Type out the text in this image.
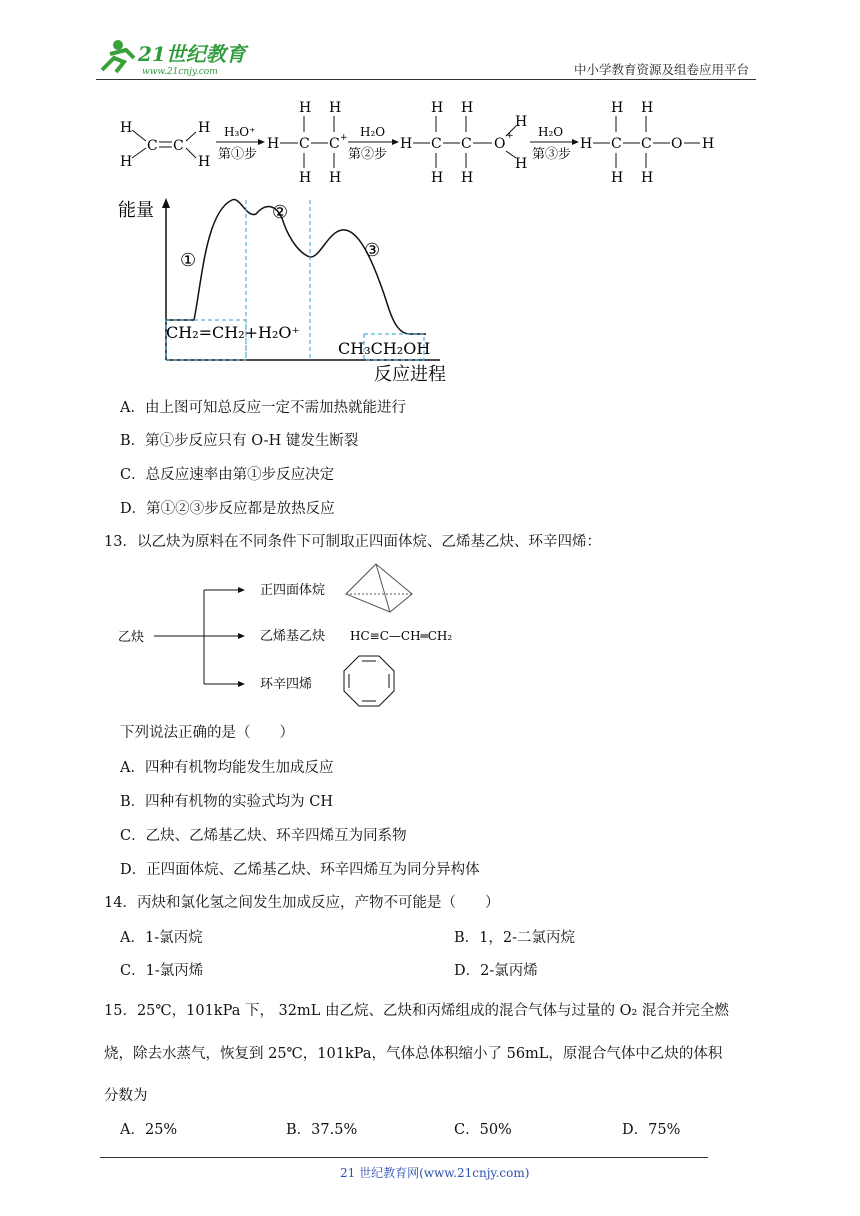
21世纪教育
www.21cnjy.com	中小学教育资源及组卷应用平台
H
H
C C
H
H
H₃O⁺
第①步
H C
H
H
C +
H
H
H₂O
第②步
H C
H
H
C
H
H
O +
H
H
H₂O
第③步
H C
H
H
C
H
H
O H
能量
反应进程
①
②
③
CH₂=CH₂+H₂O⁺
CH₃CH₂OH
A．由上图可知总反应一定不需加热就能进行
B．第①步反应只有 O-H 键发生断裂
C．总反应速率由第①步反应决定
D．第①②③步反应都是放热反应
13．以乙炔为原料在不同条件下可制取正四面体烷、乙烯基乙炔、环辛四烯：
乙炔
正四面体烷
乙烯基乙炔
环辛四烯
HC≡C—CH═CH₂
下列说法正确的是（　　）
A．四种有机物均能发生加成反应
B．四种有机物的实验式均为 CH
C．乙炔、乙烯基乙炔、环辛四烯互为同系物
D．正四面体烷、乙烯基乙炔、环辛四烯互为同分异构体
14．丙炔和氯化氢之间发生加成反应，产物不可能是（　　）
A．1-氯丙烷	B．1，2-二氯丙烷
C．1-氯丙烯	D．2-氯丙烯
15．25℃，101kPa 下， 32mL 由乙烷、乙炔和丙烯组成的混合气体与过量的 O₂ 混合并完全燃
烧，除去水蒸气，恢复到 25℃，101kPa，气体总体积缩小了 56mL，原混合气体中乙炔的体积
分数为
A．25%	B．37.5%	C．50%	D．75%
21 世纪教育网(www.21cnjy.com)
